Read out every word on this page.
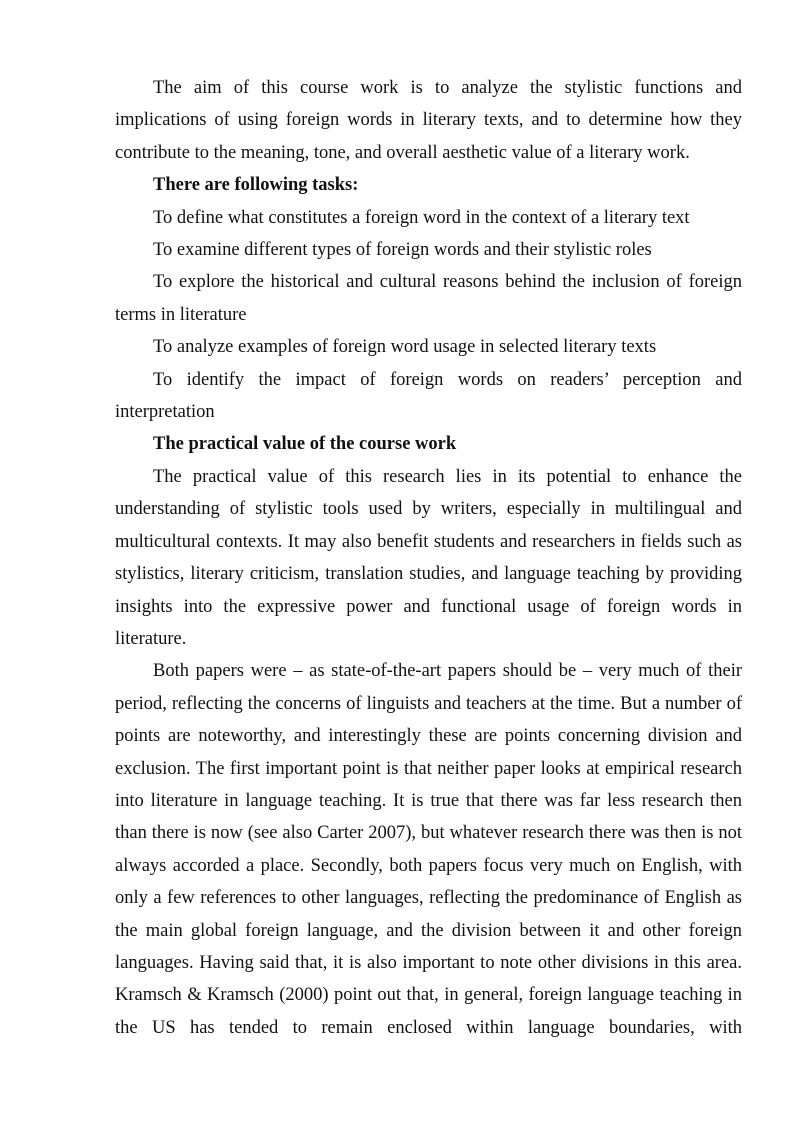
The aim of this course work is to analyze the stylistic functions and implications of using foreign words in literary texts, and to determine how they contribute to the meaning, tone, and overall aesthetic value of a literary work.

There are following tasks:

To define what constitutes a foreign word in the context of a literary text

To examine different types of foreign words and their stylistic roles

To explore the historical and cultural reasons behind the inclusion of foreign terms in literature

To analyze examples of foreign word usage in selected literary texts

To identify the impact of foreign words on readers’ perception and interpretation

The practical value of the course work

The practical value of this research lies in its potential to enhance the understanding of stylistic tools used by writers, especially in multilingual and multicultural contexts. It may also benefit students and researchers in fields such as stylistics, literary criticism, translation studies, and language teaching by providing insights into the expressive power and functional usage of foreign words in literature.

Both papers were – as state-of-the-art papers should be – very much of their period, reflecting the concerns of linguists and teachers at the time. But a number of points are noteworthy, and interestingly these are points concerning division and exclusion. The first important point is that neither paper looks at empirical research into literature in language teaching. It is true that there was far less research then than there is now (see also Carter 2007), but whatever research there was then is not always accorded a place. Secondly, both papers focus very much on English, with only a few references to other languages, reflecting the predominance of English as the main global foreign language, and the division between it and other foreign languages. Having said that, it is also important to note other divisions in this area. Kramsch & Kramsch (2000) point out that, in general, foreign language teaching in the US has tended to remain enclosed within language boundaries, with
